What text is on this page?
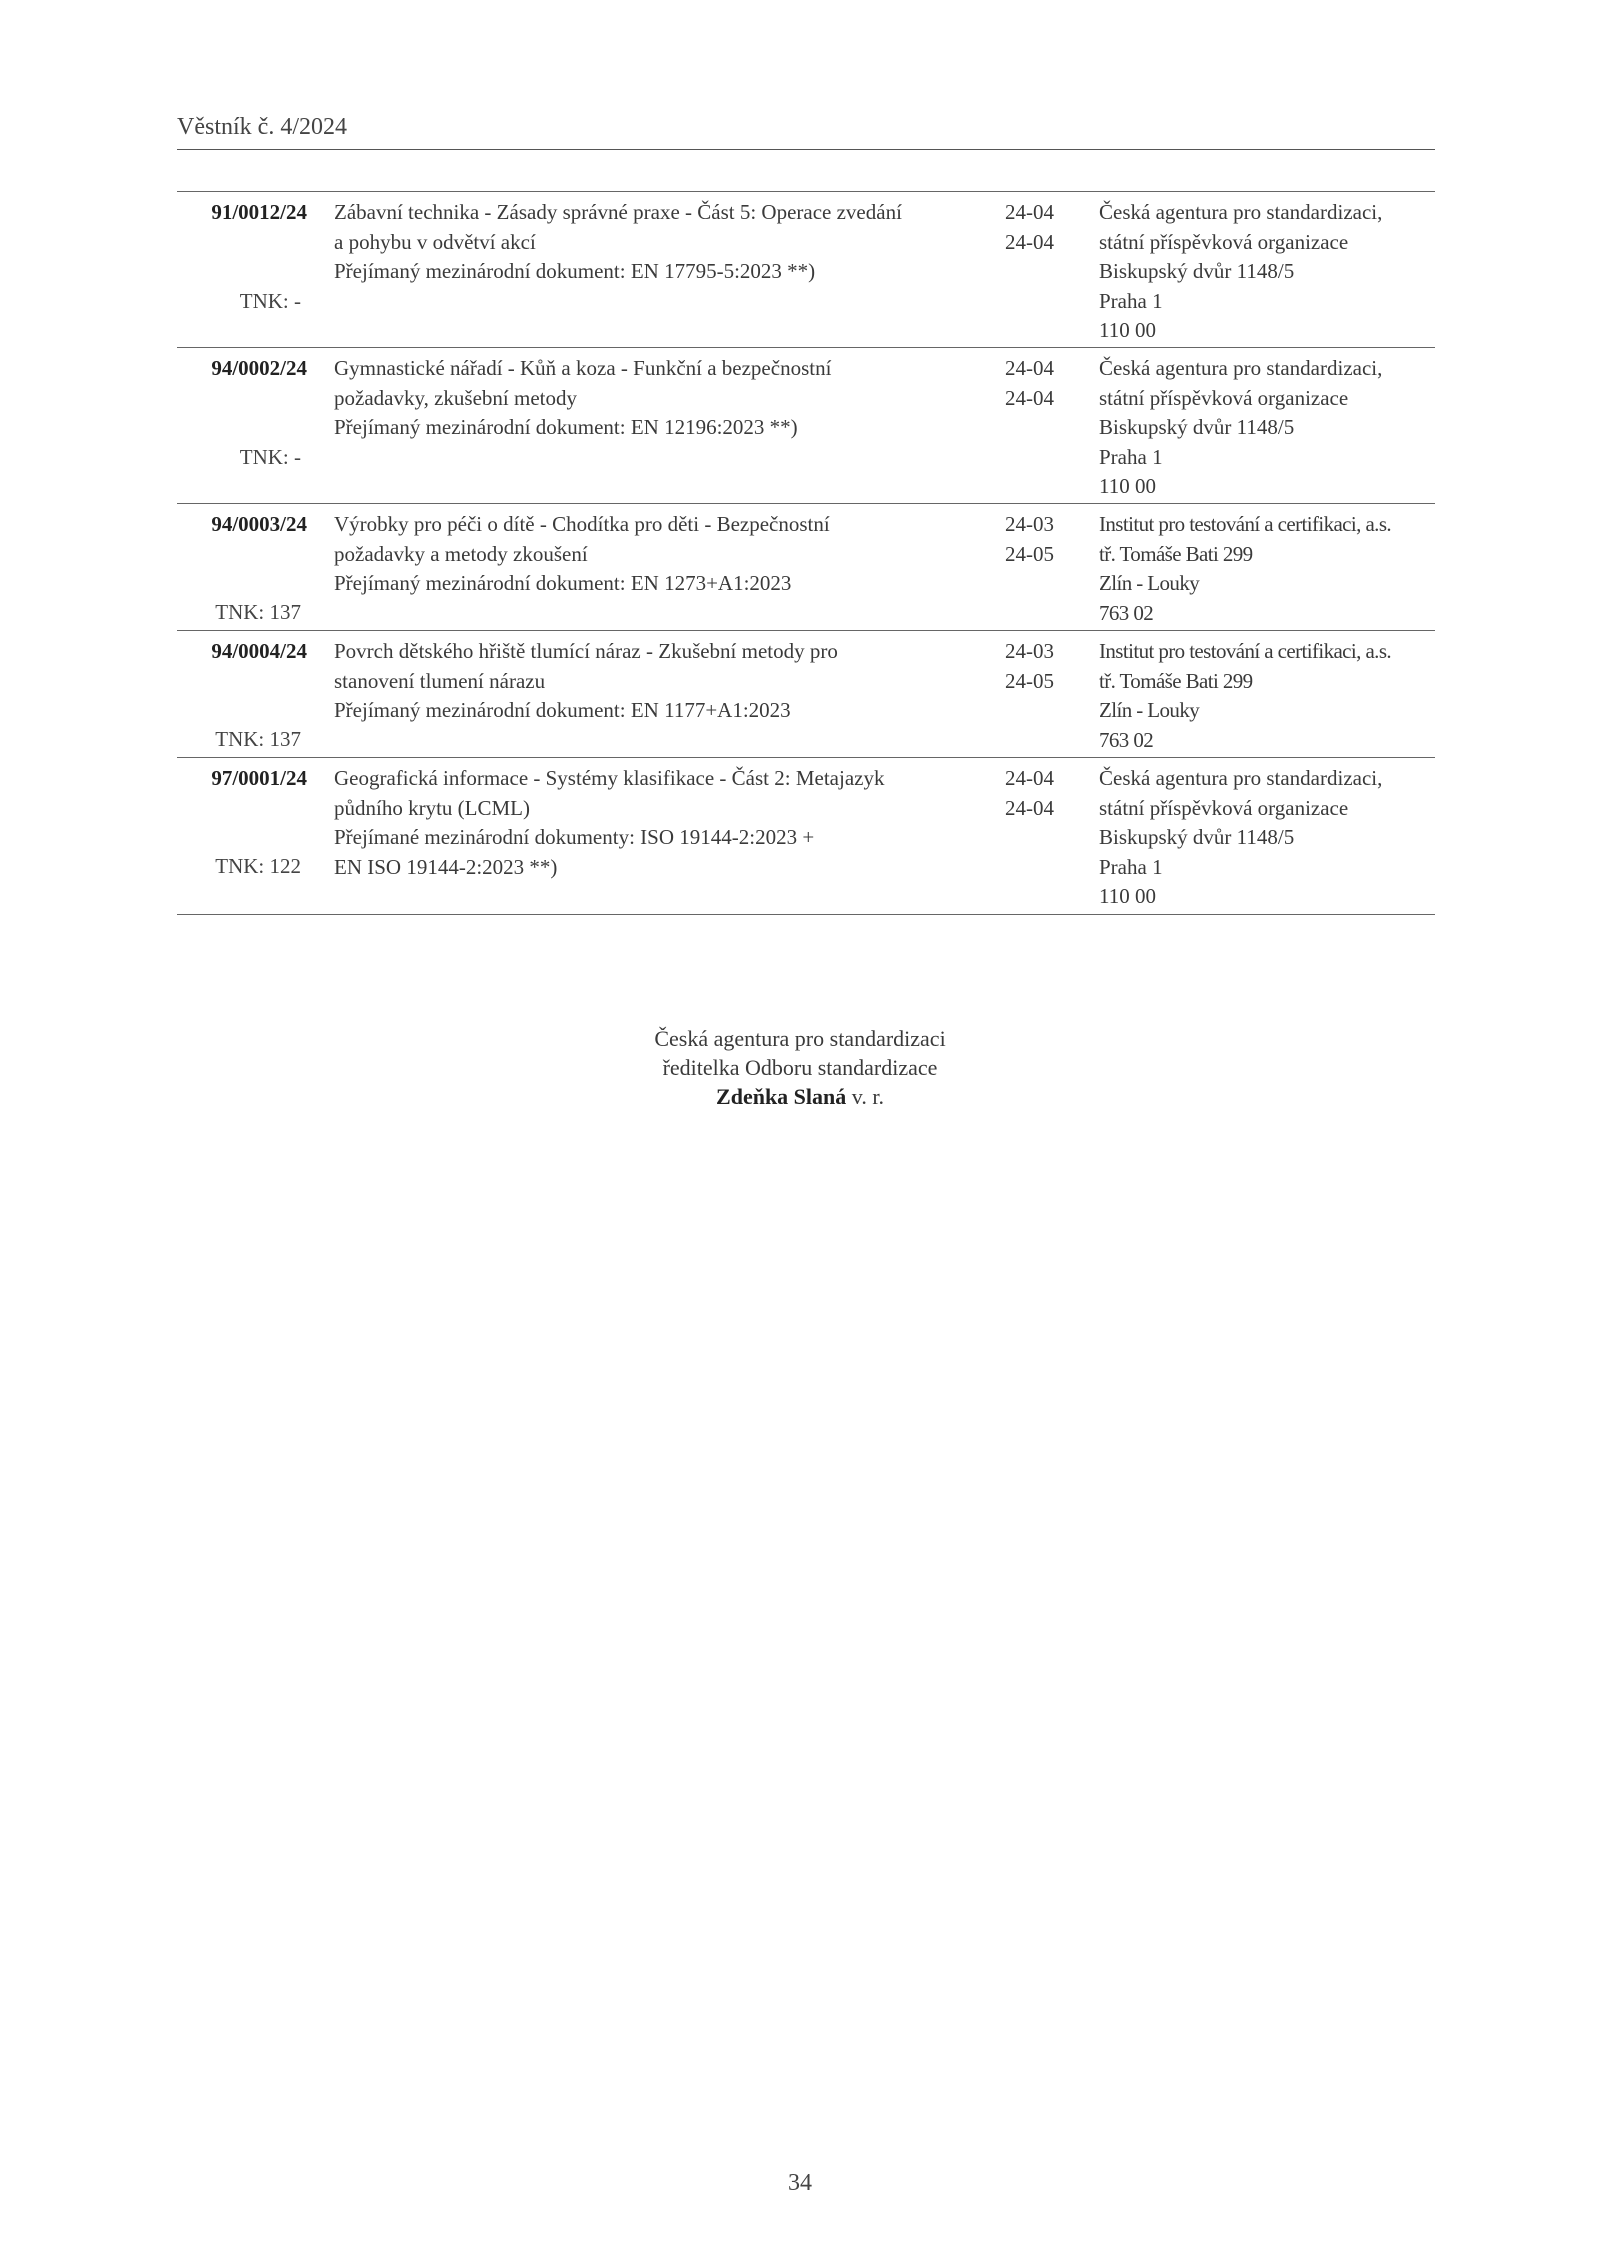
Věstník č. 4/2024
91/0012/24
TNK: -
Zábavní technika - Zásady správné praxe - Část 5: Operace zvedání
a pohybu v odvětví akcí
Přejímaný mezinárodní dokument: EN 17795-5:2023 **)
24-04
24-04
Česká agentura pro standardizaci,
státní příspěvková organizace
Biskupský dvůr 1148/5
Praha 1
110 00
94/0002/24
TNK: -
Gymnastické nářadí - Kůň a koza - Funkční a bezpečnostní
požadavky, zkušební metody
Přejímaný mezinárodní dokument: EN 12196:2023 **)
24-04
24-04
Česká agentura pro standardizaci,
státní příspěvková organizace
Biskupský dvůr 1148/5
Praha 1
110 00
94/0003/24
TNK: 137
Výrobky pro péči o dítě - Chodítka pro děti - Bezpečnostní
požadavky a metody zkoušení
Přejímaný mezinárodní dokument: EN 1273+A1:2023
24-03
24-05
Institut pro testování a certifikaci, a.s.
tř. Tomáše Bati 299
Zlín - Louky
763 02
94/0004/24
TNK: 137
Povrch dětského hřiště tlumící náraz - Zkušební metody pro
stanovení tlumení nárazu
Přejímaný mezinárodní dokument: EN 1177+A1:2023
24-03
24-05
Institut pro testování a certifikaci, a.s.
tř. Tomáše Bati 299
Zlín - Louky
763 02
97/0001/24
TNK: 122
Geografická informace - Systémy klasifikace - Část 2: Metajazyk
půdního krytu (LCML)
Přejímané mezinárodní dokumenty: ISO 19144-2:2023 +
EN ISO 19144-2:2023 **)
24-04
24-04
Česká agentura pro standardizaci,
státní příspěvková organizace
Biskupský dvůr 1148/5
Praha 1
110 00
Česká agentura pro standardizaci
ředitelka Odboru standardizace
Zdeňka Slaná v. r.
34
